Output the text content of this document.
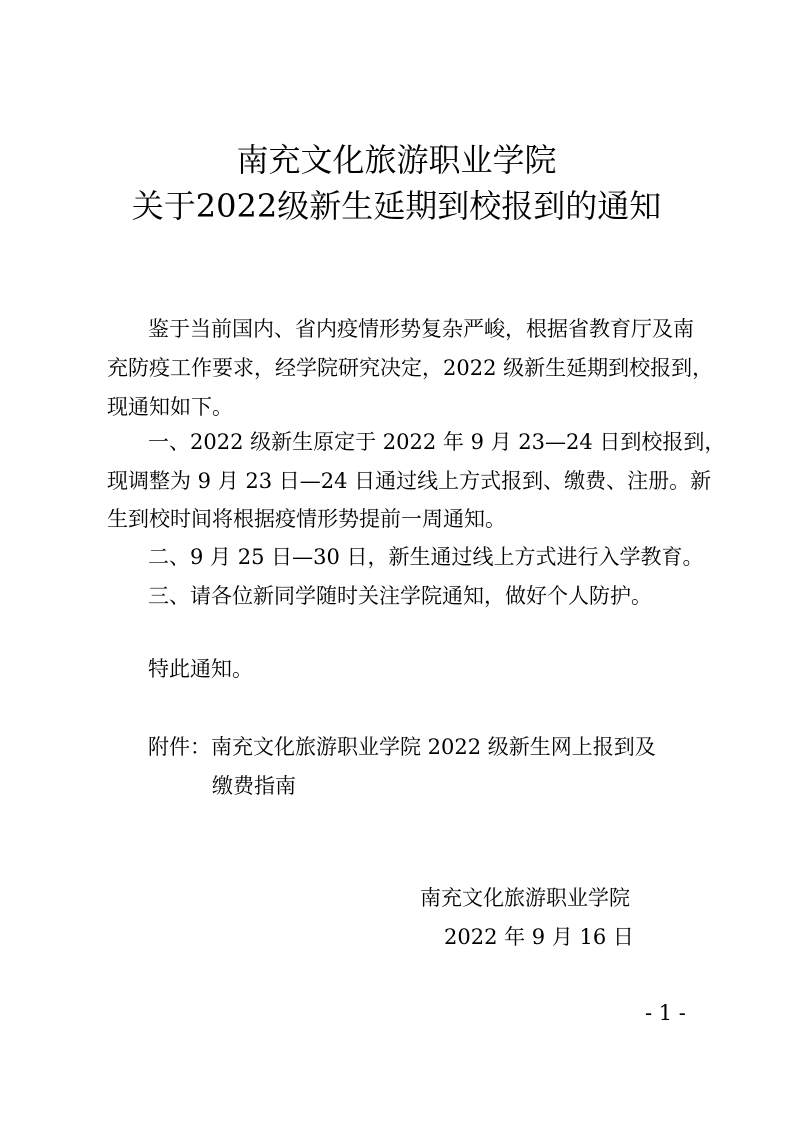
南充文化旅游职业学院
关于2022级新生延期到校报到的通知
鉴于当前国内、省内疫情形势复杂严峻，根据省教育厅及南
充防疫工作要求，经学院研究决定，2022 级新生延期到校报到，
现通知如下。
一、2022 级新生原定于 2022 年 9 月 23—24 日到校报到，
现调整为 9 月 23 日—24 日通过线上方式报到、缴费、注册。新
生到校时间将根据疫情形势提前一周通知。
二、9 月 25 日—30 日，新生通过线上方式进行入学教育。
三、请各位新同学随时关注学院通知，做好个人防护。
特此通知。
附件：南充文化旅游职业学院 2022 级新生网上报到及
缴费指南
南充文化旅游职业学院
2022 年 9 月 16 日
- 1 -
